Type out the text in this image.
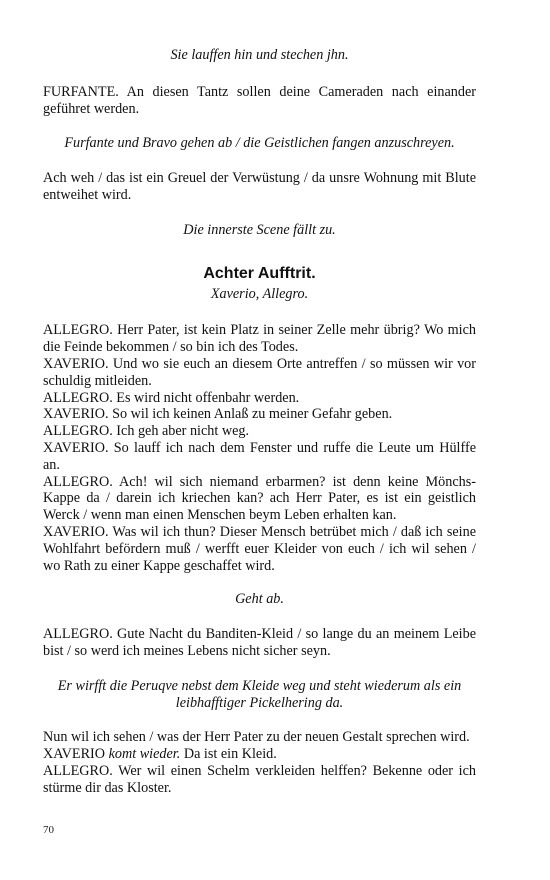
Sie lauffen hin und stechen jhn.

FURFANTE. An diesen Tantz sollen deine Cameraden nach einander geführet werden.

Furfante und Bravo gehen ab / die Geistlichen fangen anzuschreyen.

Ach weh / das ist ein Greuel der Verwüstung / da unsre Wohnung mit Blute entweihet wird.

Die innerste Scene fällt zu.

Achter Aufftrit.

Xaverio, Allegro.

ALLEGRO. Herr Pater, ist kein Platz in seiner Zelle mehr übrig? Wo mich die Feinde bekommen / so bin ich des Todes.
XAVERIO. Und wo sie euch an diesem Orte antreffen / so müssen wir vor schuldig mitleiden.
ALLEGRO. Es wird nicht offenbahr werden.
XAVERIO. So wil ich keinen Anlaß zu meiner Gefahr geben.
ALLEGRO. Ich geh aber nicht weg.
XAVERIO. So lauff ich nach dem Fenster und ruffe die Leute um Hülffe an.
ALLEGRO. Ach! wil sich niemand erbarmen? ist denn keine Mönchs-Kappe da / darein ich kriechen kan? ach Herr Pater, es ist ein geistlich Werck / wenn man einen Menschen beym Leben erhalten kan.
XAVERIO. Was wil ich thun? Dieser Mensch betrübet mich / daß ich seine Wohlfahrt befördern muß / werfft euer Kleider von euch / ich wil sehen / wo Rath zu einer Kappe geschaffet wird.

Geht ab.

ALLEGRO. Gute Nacht du Banditen-Kleid / so lange du an meinem Leibe bist / so werd ich meines Lebens nicht sicher seyn.

Er wirfft die Peruqve nebst dem Kleide weg und steht wiederum als ein leibhafftiger Pickelhering da.

Nun wil ich sehen / was der Herr Pater zu der neuen Gestalt sprechen wird.
XAVERIO komt wieder. Da ist ein Kleid.
ALLEGRO. Wer wil einen Schelm verkleiden helffen? Bekenne oder ich stürme dir das Kloster.
70
